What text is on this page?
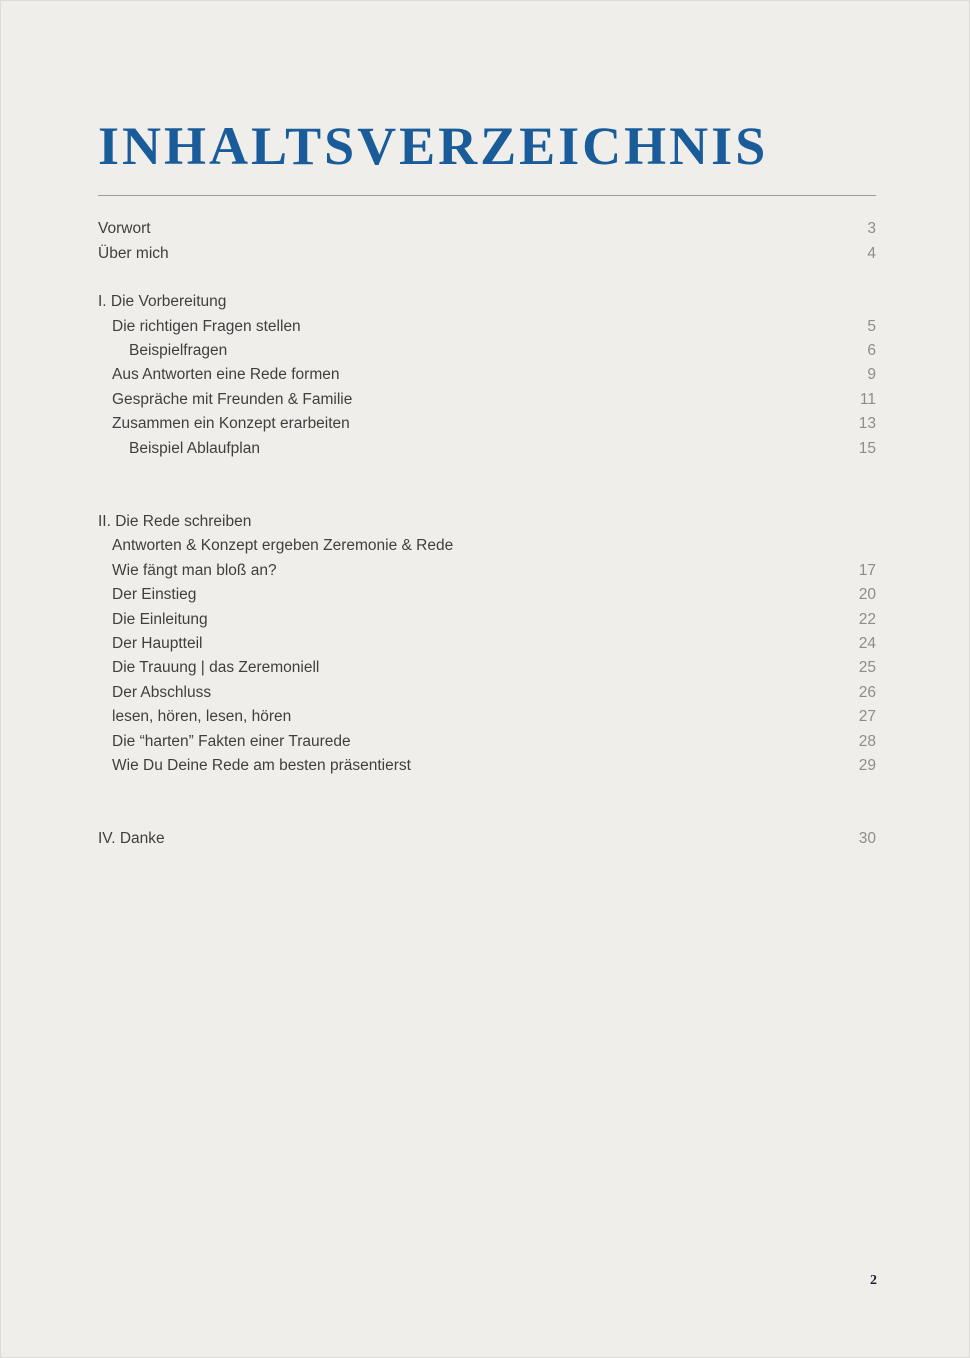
INHALTSVERZEICHNIS
Vorwort	3
Über mich	4
I. Die Vorbereitung
Die richtigen Fragen stellen	5
Beispielfragen	6
Aus Antworten eine Rede formen	9
Gespräche mit Freunden & Familie	11
Zusammen ein Konzept erarbeiten	13
Beispiel Ablaufplan	15
II. Die Rede schreiben
Antworten & Konzept ergeben Zeremonie & Rede
Wie fängt man bloß an?	17
Der Einstieg	20
Die Einleitung	22
Der Hauptteil	24
Die Trauung | das Zeremoniell	25
Der Abschluss	26
lesen, hören, lesen, hören	27
Die “harten” Fakten einer Traurede	28
Wie Du Deine Rede am besten präsentierst	29
IV. Danke	30
2
